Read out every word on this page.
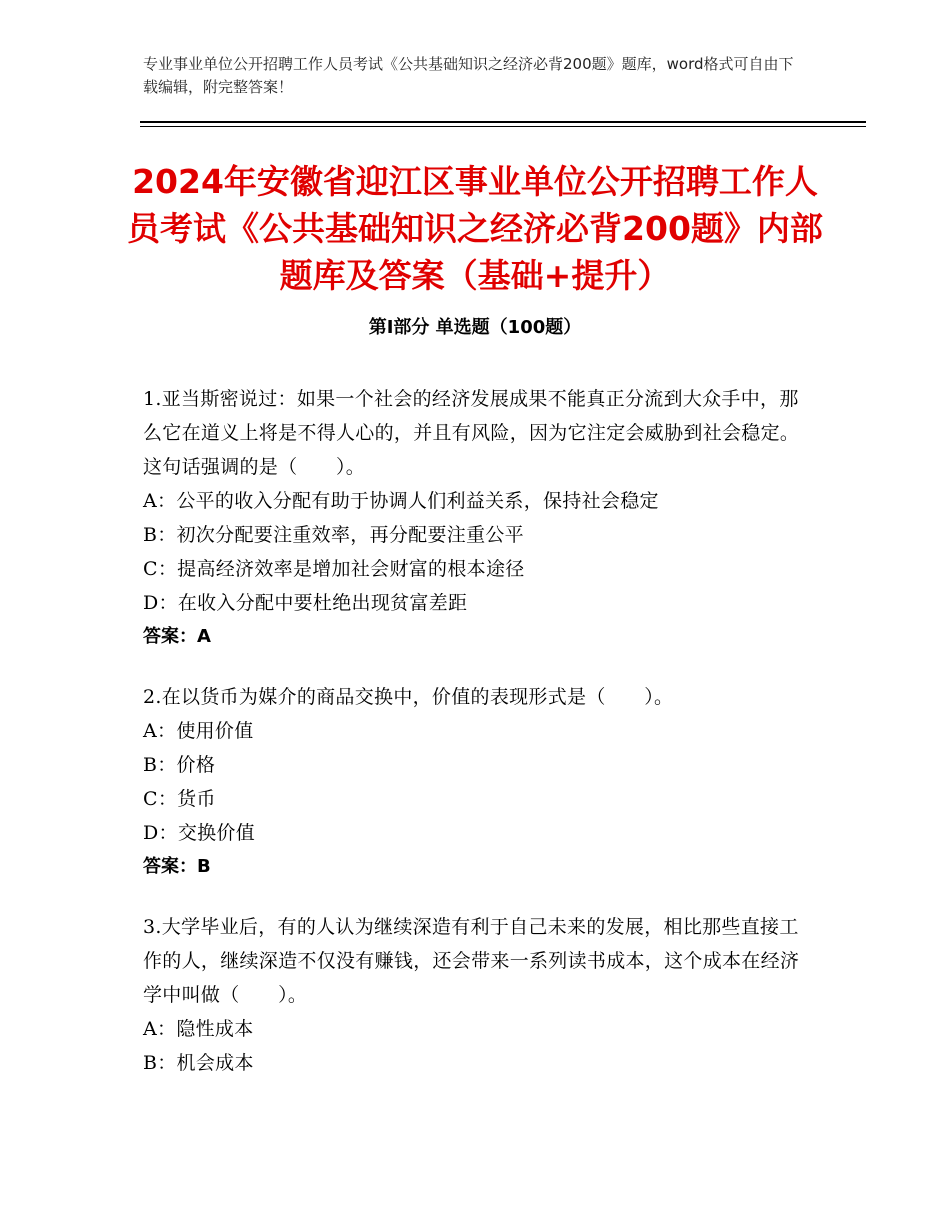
专业事业单位公开招聘工作人员考试《公共基础知识之经济必背200题》题库，word格式可自由下载编辑，附完整答案！
2024年安徽省迎江区事业单位公开招聘工作人员考试《公共基础知识之经济必背200题》内部题库及答案（基础+提升）
第Ⅰ部分 单选题（100题）
1.亚当斯密说过：如果一个社会的经济发展成果不能真正分流到大众手中，那么它在道义上将是不得人心的，并且有风险，因为它注定会威胁到社会稳定。这句话强调的是（　　）。
A：公平的收入分配有助于协调人们利益关系，保持社会稳定
B：初次分配要注重效率，再分配要注重公平
C：提高经济效率是增加社会财富的根本途径
D：在收入分配中要杜绝出现贫富差距
答案：A
2.在以货币为媒介的商品交换中，价值的表现形式是（　　）。
A：使用价值
B：价格
C：货币
D：交换价值
答案：B
3.大学毕业后，有的人认为继续深造有利于自己未来的发展，相比那些直接工作的人，继续深造不仅没有赚钱，还会带来一系列读书成本，这个成本在经济学中叫做（　　）。
A：隐性成本
B：机会成本
